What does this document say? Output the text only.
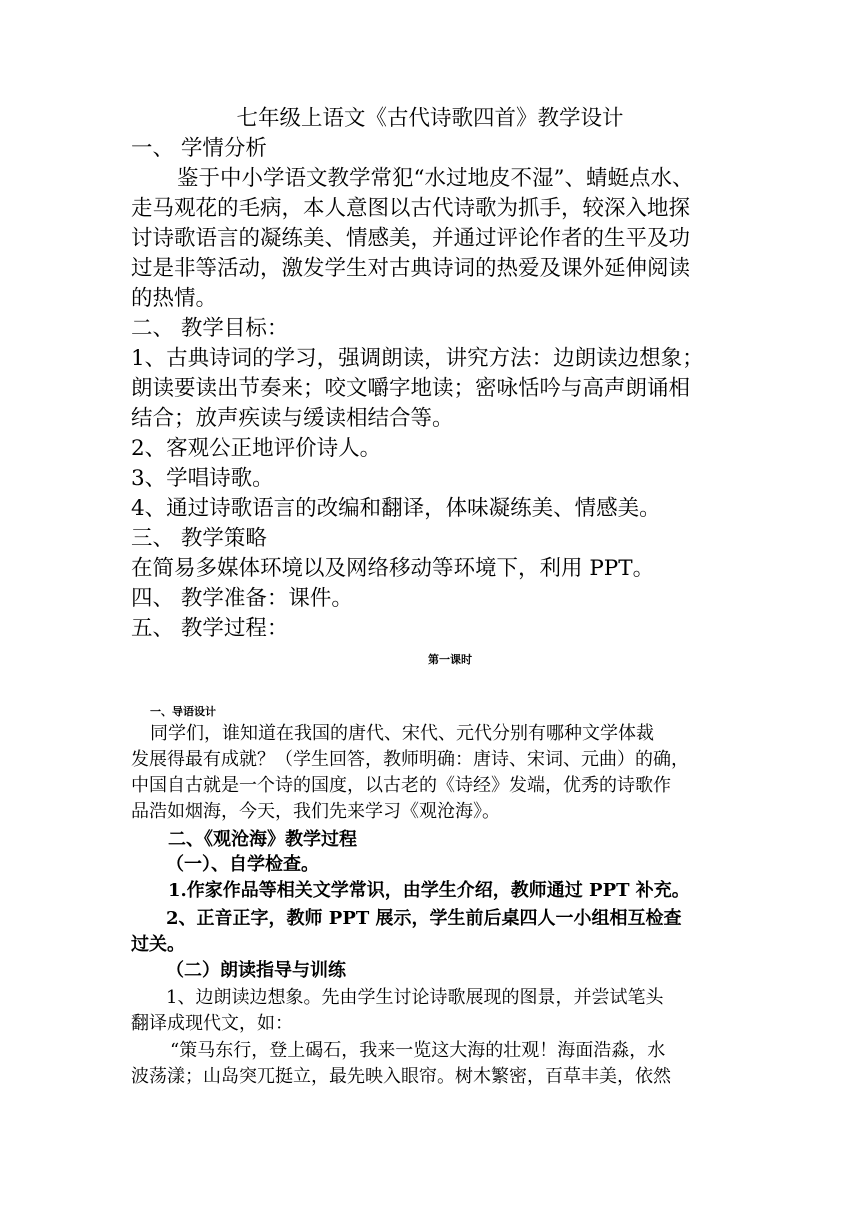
七年级上语文《古代诗歌四首》教学设计
一、 学情分析
鉴于中小学语文教学常犯“水过地皮不湿”、蜻蜓点水、
走马观花的毛病，本人意图以古代诗歌为抓手，较深入地探
讨诗歌语言的凝练美、情感美，并通过评论作者的生平及功
过是非等活动，激发学生对古典诗词的热爱及课外延伸阅读
的热情。
二、 教学目标：
1、古典诗词的学习，强调朗读，讲究方法：边朗读边想象；
朗读要读出节奏来；咬文嚼字地读；密咏恬吟与高声朗诵相
结合；放声疾读与缓读相结合等。
2、客观公正地评价诗人。
3、学唱诗歌。
4、通过诗歌语言的改编和翻译，体味凝练美、情感美。
三、 教学策略
在简易多媒体环境以及网络移动等环境下，利用 PPT。
四、 教学准备：课件。
五、 教学过程：
第一课时
一、导语设计
同学们，谁知道在我国的唐代、宋代、元代分别有哪种文学体裁
发展得最有成就？（学生回答，教师明确：唐诗、宋词、元曲）的确，
中国自古就是一个诗的国度，以古老的《诗经》发端，优秀的诗歌作
品浩如烟海，今天，我们先来学习《观沧海》。
二、《观沧海》教学过程
（一）、自学检查。
1.作家作品等相关文学常识，由学生介绍，教师通过 PPT 补充。
2、正音正字，教师 PPT 展示，学生前后桌四人一小组相互检查
过关。
（二）朗读指导与训练
1、边朗读边想象。先由学生讨论诗歌展现的图景，并尝试笔头
翻译成现代文，如：
“策马东行，登上碣石，我来一览这大海的壮观！海面浩淼，水
波荡漾；山岛突兀挺立，最先映入眼帘。树木繁密，百草丰美，依然
